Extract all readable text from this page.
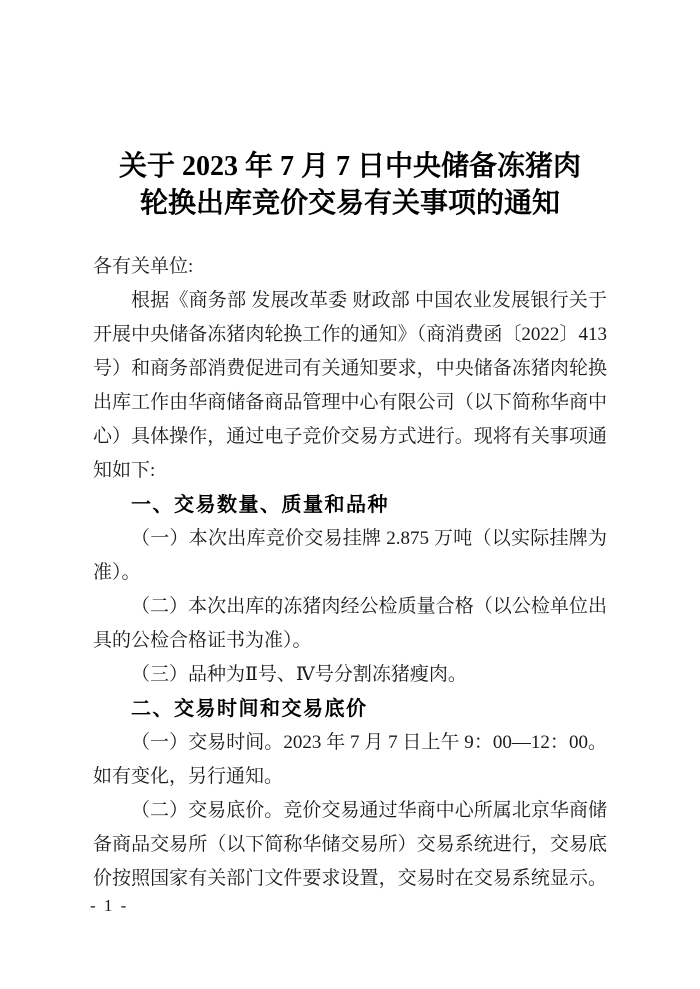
关于 2023 年 7 月 7 日中央储备冻猪肉
轮换出库竞价交易有关事项的通知
各有关单位:
根据《商务部 发展改革委 财政部 中国农业发展银行关于
开展中央储备冻猪肉轮换工作的通知》（商消费函〔2022〕413
号）和商务部消费促进司有关通知要求，中央储备冻猪肉轮换
出库工作由华商储备商品管理中心有限公司（以下简称华商中
心）具体操作，通过电子竞价交易方式进行。现将有关事项通
知如下:
一、交易数量、质量和品种
（一）本次出库竞价交易挂牌 2.875 万吨（以实际挂牌为
准）。
（二）本次出库的冻猪肉经公检质量合格（以公检单位出
具的公检合格证书为准）。
（三）品种为Ⅱ号、Ⅳ号分割冻猪瘦肉。
二、交易时间和交易底价
（一）交易时间。2023 年 7 月 7 日上午 9：00—12：00。
如有变化，另行通知。
（二）交易底价。竞价交易通过华商中心所属北京华商储
备商品交易所（以下简称华储交易所）交易系统进行，交易底
价按照国家有关部门文件要求设置，交易时在交易系统显示。
- 1 -
